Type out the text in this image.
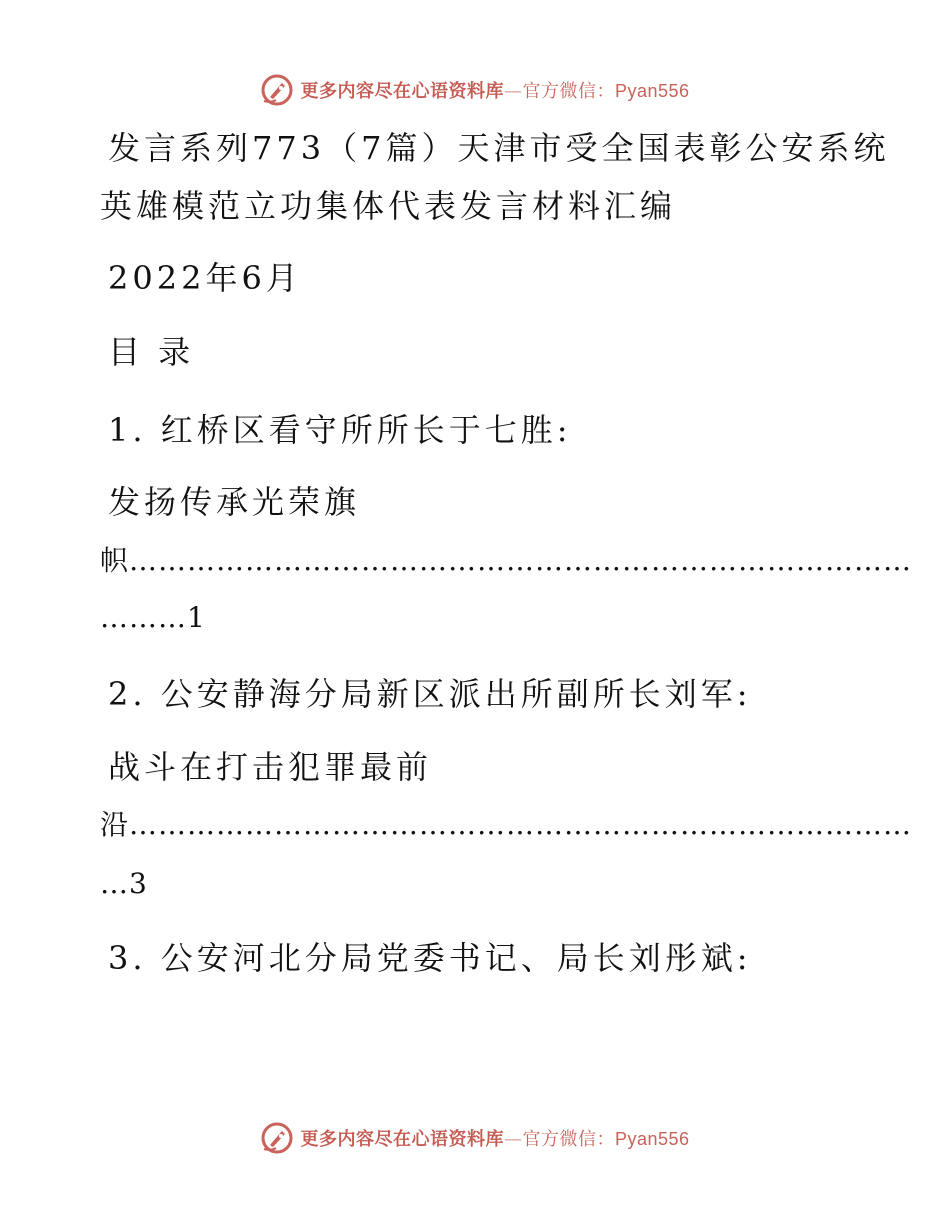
更多内容尽在心语资料库—官方微信：Pyan556
发言系列773（7篇）天津市受全国表彰公安系统
英雄模范立功集体代表发言材料汇编
2022年6月
目 录
1. 红桥区看守所所长于七胜:
发扬传承光荣旗
帜………………………………………………………………………
………1
2. 公安静海分局新区派出所副所长刘军:
战斗在打击犯罪最前
沿………………………………………………………………………
…3
3. 公安河北分局党委书记、局长刘彤斌:
更多内容尽在心语资料库—官方微信：Pyan556
